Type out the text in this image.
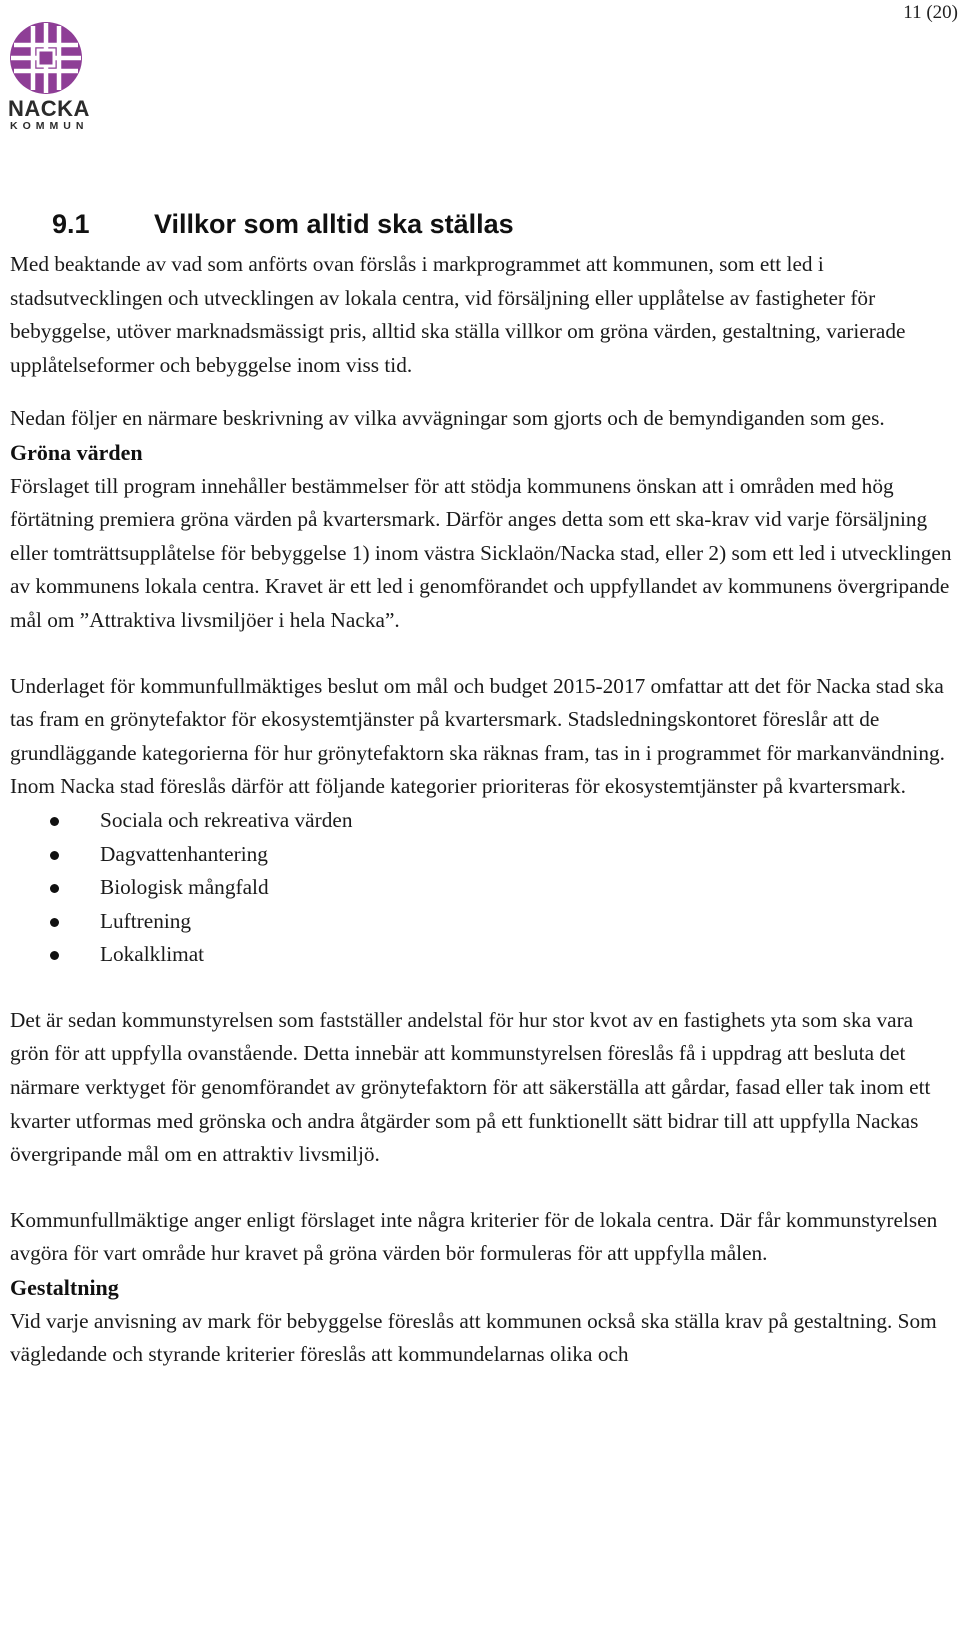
11 (20)
NACKA
KOMMUN
9.1 Villkor som alltid ska ställas

Med beaktande av vad som anförts ovan förslås i markprogrammet att kommunen, som ett led i stadsutvecklingen och utvecklingen av lokala centra, vid försäljning eller upplåtelse av fastigheter för bebyggelse, utöver marknadsmässigt pris, alltid ska ställa villkor om gröna värden, gestaltning, varierade upplåtelseformer och bebyggelse inom viss tid.

Nedan följer en närmare beskrivning av vilka avvägningar som gjorts och de bemyndiganden som ges.

Gröna värden

Förslaget till program innehåller bestämmelser för att stödja kommunens önskan att i områden med hög förtätning premiera gröna värden på kvartersmark. Därför anges detta som ett ska-krav vid varje försäljning eller tomträttsupplåtelse för bebyggelse 1) inom västra Sicklaön/Nacka stad, eller 2) som ett led i utvecklingen av kommunens lokala centra. Kravet är ett led i genomförandet och uppfyllandet av kommunens övergripande mål om ”Attraktiva livsmiljöer i hela Nacka”.

Underlaget för kommunfullmäktiges beslut om mål och budget 2015-2017 omfattar att det för Nacka stad ska tas fram en grönytefaktor för ekosystemtjänster på kvartersmark. Stadsledningskontoret föreslår att de grundläggande kategorierna för hur grönytefaktorn ska räknas fram, tas in i programmet för markanvändning. Inom Nacka stad föreslås därför att följande kategorier prioriteras för ekosystemtjänster på kvartersmark.

Sociala och rekreativa värden
Dagvattenhantering
Biologisk mångfald
Luftrening
Lokalklimat

Det är sedan kommunstyrelsen som fastställer andelstal för hur stor kvot av en fastighets yta som ska vara grön för att uppfylla ovanstående. Detta innebär att kommunstyrelsen föreslås få i uppdrag att besluta det närmare verktyget för genomförandet av grönytefaktorn för att säkerställa att gårdar, fasad eller tak inom ett kvarter utformas med grönska och andra åtgärder som på ett funktionellt sätt bidrar till att uppfylla Nackas övergripande mål om en attraktiv livsmiljö.

Kommunfullmäktige anger enligt förslaget inte några kriterier för de lokala centra. Där får kommunstyrelsen avgöra för vart område hur kravet på gröna värden bör formuleras för att uppfylla målen.

Gestaltning

Vid varje anvisning av mark för bebyggelse föreslås att kommunen också ska ställa krav på gestaltning. Som vägledande och styrande kriterier föreslås att kommundelarnas olika och
